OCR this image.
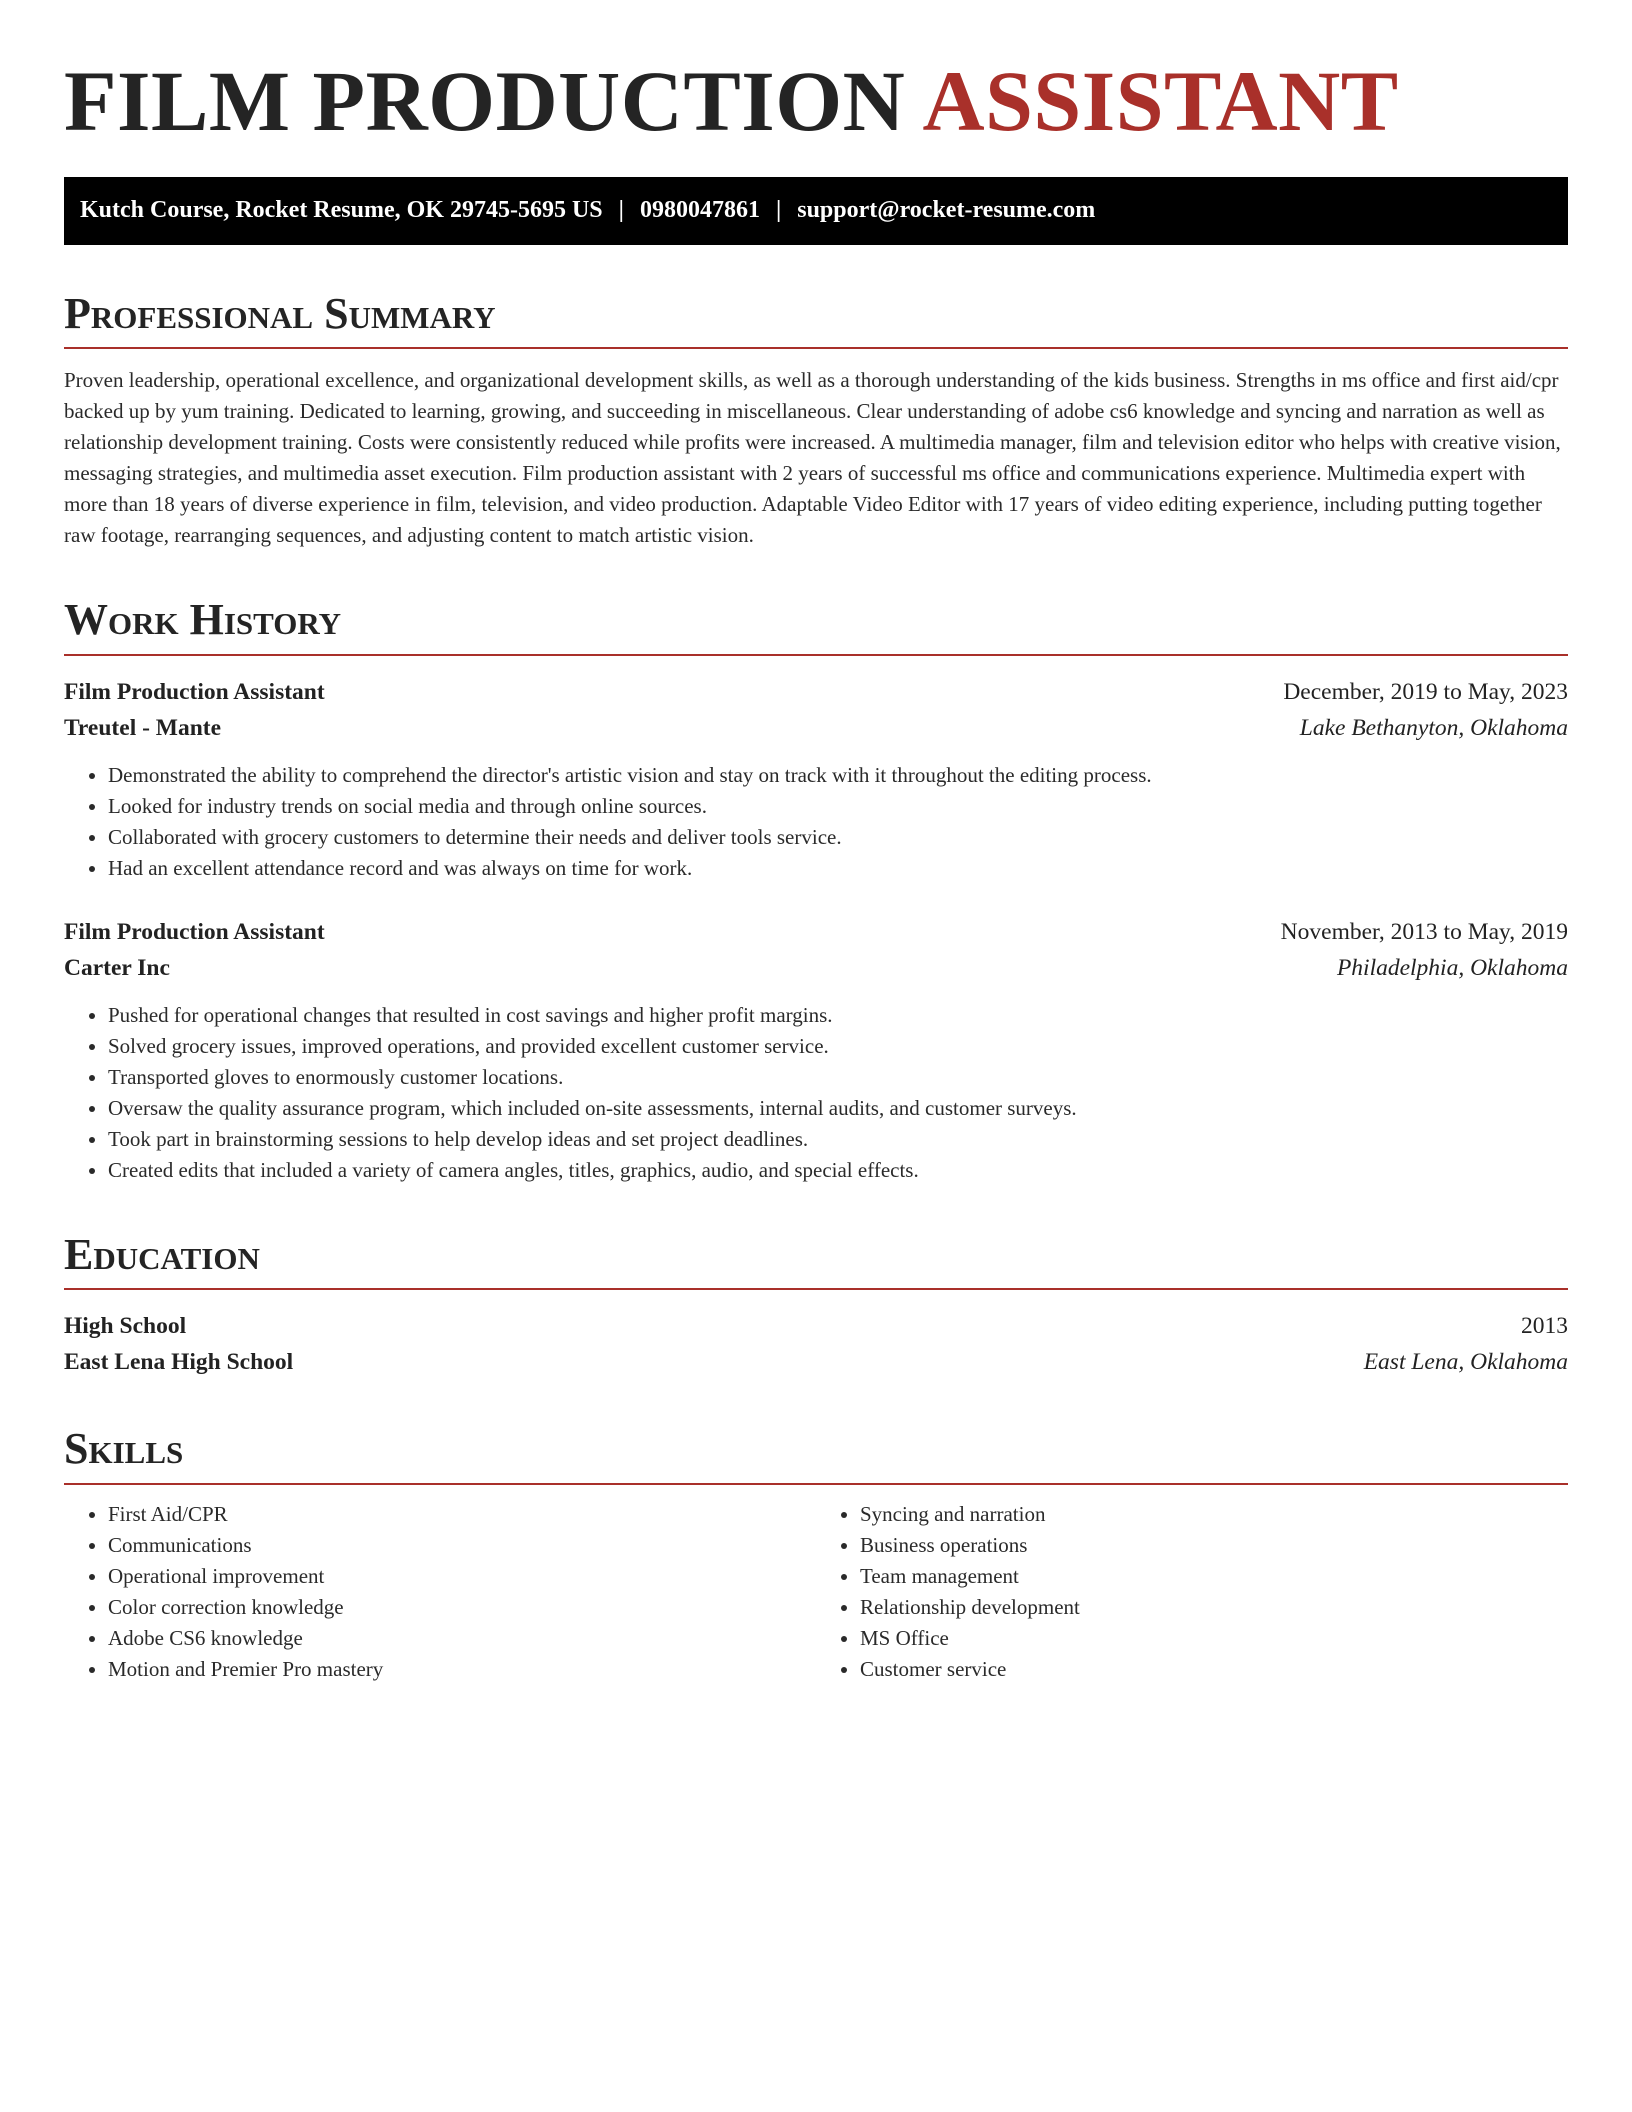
FILM PRODUCTION ASSISTANT
Kutch Course, Rocket Resume, OK 29745-5695 US | 0980047861 | support@rocket-resume.com
Professional Summary

Proven leadership, operational excellence, and organizational development skills, as well as a thorough understanding of the kids business. Strengths in ms office and first aid/cpr backed up by yum training. Dedicated to learning, growing, and succeeding in miscellaneous. Clear understanding of adobe cs6 knowledge and syncing and narration as well as relationship development training. Costs were consistently reduced while profits were increased. A multimedia manager, film and television editor who helps with creative vision, messaging strategies, and multimedia asset execution. Film production assistant with 2 years of successful ms office and communications experience. Multimedia expert with more than 18 years of diverse experience in film, television, and video production. Adaptable Video Editor with 17 years of video editing experience, including putting together raw footage, rearranging sequences, and adjusting content to match artistic vision.

Work History
Film Production Assistant	December, 2019 to May, 2023
Treutel - Mante	Lake Bethanyton, Oklahoma
• Demonstrated the ability to comprehend the director's artistic vision and stay on track with it throughout the editing process.
• Looked for industry trends on social media and through online sources.
• Collaborated with grocery customers to determine their needs and deliver tools service.
• Had an excellent attendance record and was always on time for work.
Film Production Assistant	November, 2013 to May, 2019
Carter Inc	Philadelphia, Oklahoma
• Pushed for operational changes that resulted in cost savings and higher profit margins.
• Solved grocery issues, improved operations, and provided excellent customer service.
• Transported gloves to enormously customer locations.
• Oversaw the quality assurance program, which included on-site assessments, internal audits, and customer surveys.
• Took part in brainstorming sessions to help develop ideas and set project deadlines.
• Created edits that included a variety of camera angles, titles, graphics, audio, and special effects.
Education
High School	2013
East Lena High School	East Lena, Oklahoma
Skills
• First Aid/CPR
• Communications
• Operational improvement
• Color correction knowledge
• Adobe CS6 knowledge
• Motion and Premier Pro mastery
• Syncing and narration
• Business operations
• Team management
• Relationship development
• MS Office
• Customer service
